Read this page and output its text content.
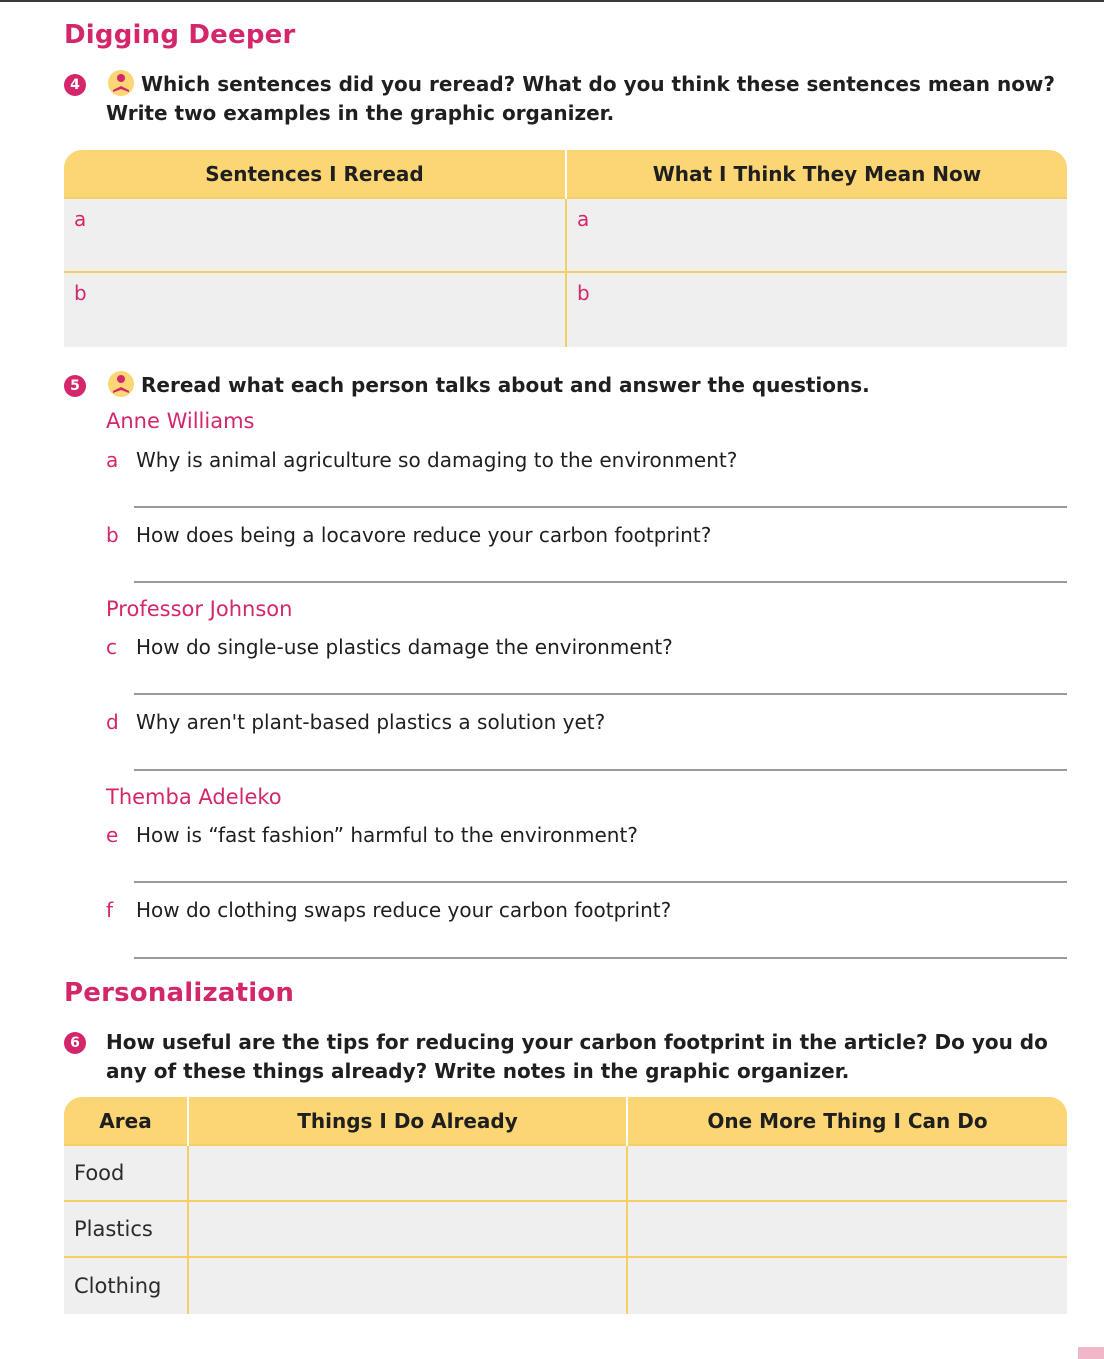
Digging Deeper
4	Which sentences did you reread? What do you think these sentences mean now?
Write two examples in the graphic organizer.
Sentences I Reread	What I Think They Mean Now
a	a
b	b
5	Reread what each person talks about and answer the questions.
Anne Williams
a Why is animal agriculture so damaging to the environment?
b How does being a locavore reduce your carbon footprint?
Professor Johnson
c How do single-use plastics damage the environment?
d Why aren't plant-based plastics a solution yet?
Themba Adeleko
e How is “fast fashion” harmful to the environment?
f How do clothing swaps reduce your carbon footprint?
Personalization
6	How useful are the tips for reducing your carbon footprint in the article? Do you do
any of these things already? Write notes in the graphic organizer.
Area	Things I Do Already	One More Thing I Can Do
Food		
Plastics		
Clothing		
